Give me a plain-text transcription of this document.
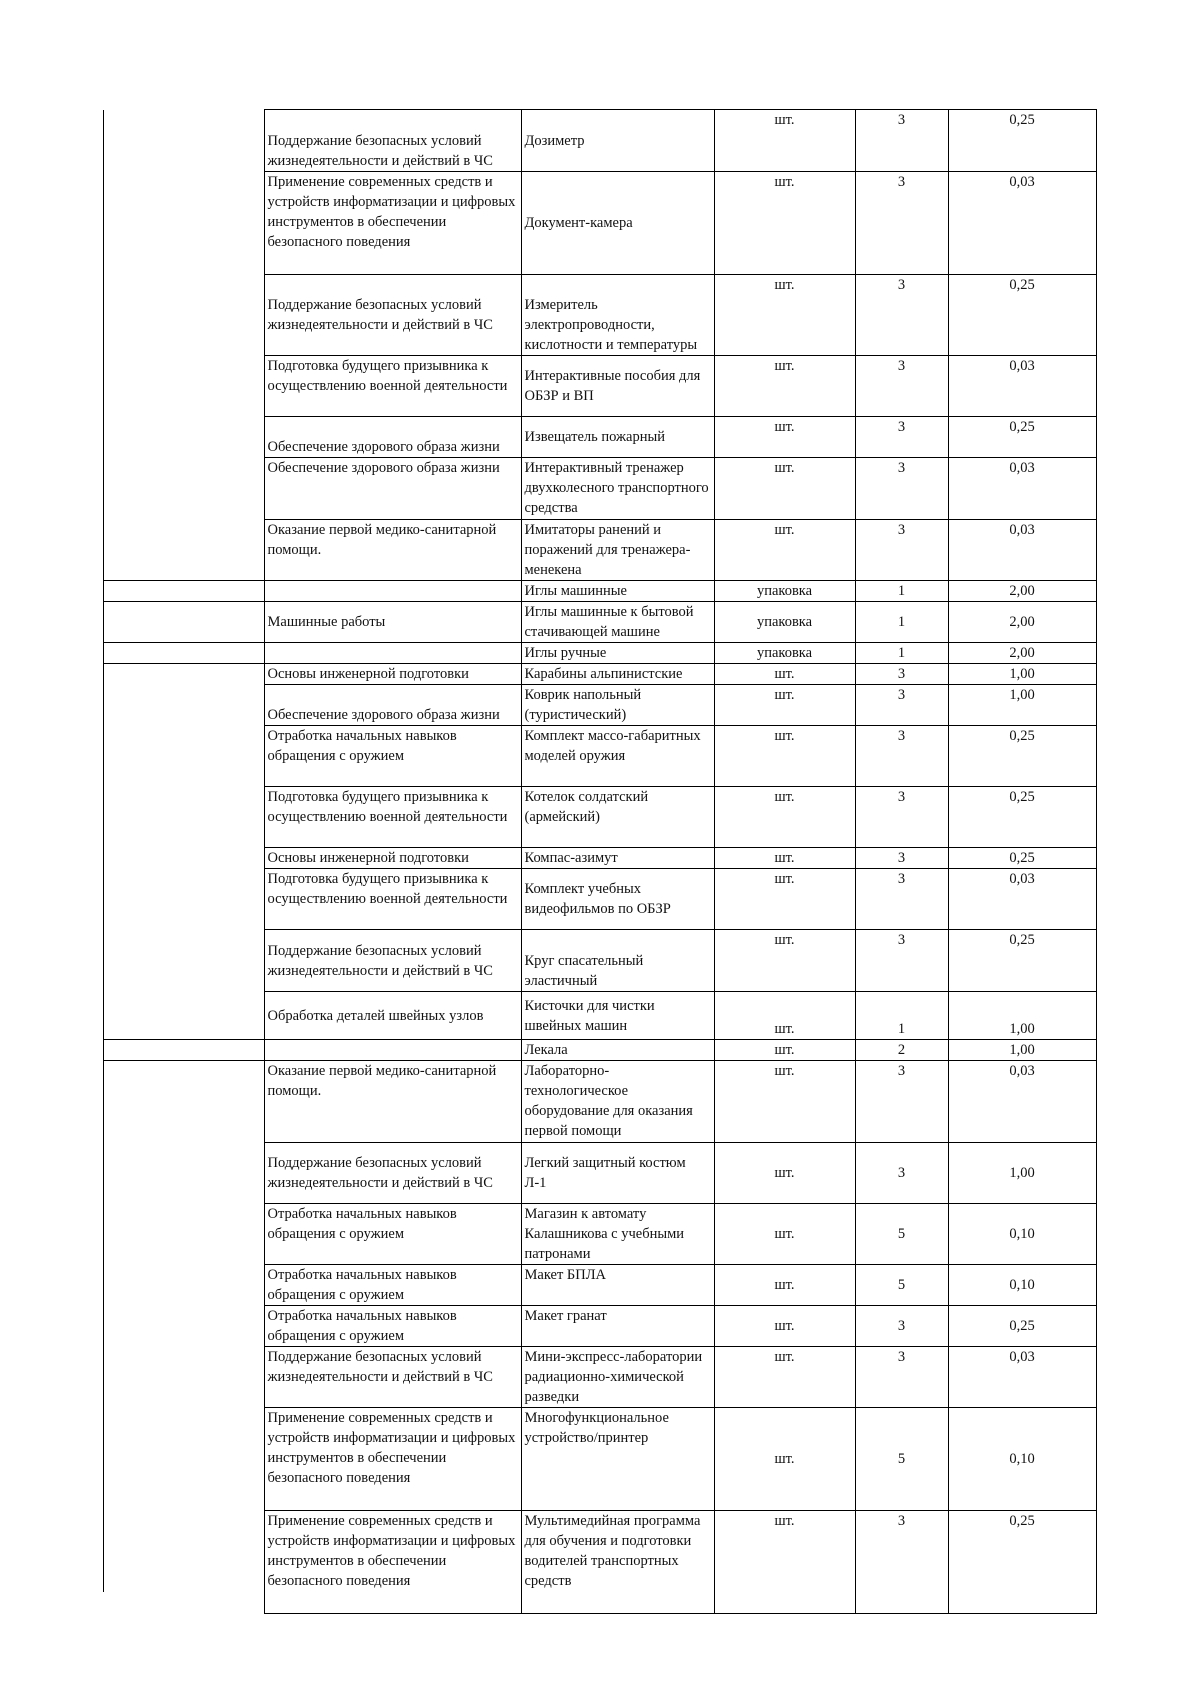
	Поддержание безопасных условий жизнедеятельности и действий в ЧС	Дозиметр	шт.	3	0,25
	Применение современных средств и устройств информатизации и цифровых инструментов в обеспечении безопасного поведения	Документ-камера	шт.	3	0,03
	Поддержание безопасных условий жизнедеятельности и действий в ЧС	Измеритель электропроводности, кислотности и температуры	шт.	3	0,25
	Подготовка будущего призывника к осуществлению военной деятельности	Интерактивные пособия для ОБЗР и ВП	шт.	3	0,03
	Обеспечение здорового образа жизни	Извещатель пожарный	шт.	3	0,25
	Обеспечение здорового образа жизни	Интерактивный тренажер двухколесного транспортного средства	шт.	3	0,03
	Оказание первой медико-санитарной помощи.	Имитаторы ранений и поражений для тренажера-менекена	шт.	3	0,03
		Иглы машинные	упаковка	1	2,00
	Машинные работы	Иглы машинные к бытовой стачивающей машине	упаковка	1	2,00
		Иглы ручные	упаковка	1	2,00
	Основы инженерной подготовки	Карабины альпинистские	шт.	3	1,00
	Обеспечение здорового образа жизни	Коврик напольный (туристический)	шт.	3	1,00
	Отработка начальных навыков обращения с оружием	Комплект массо-габаритных моделей оружия	шт.	3	0,25
	Подготовка будущего призывника к осуществлению военной деятельности	Котелок солдатский (армейский)	шт.	3	0,25
	Основы инженерной подготовки	Компас-азимут	шт.	3	0,25
	Подготовка будущего призывника к осуществлению военной деятельности	Комплект учебных видеофильмов по ОБЗР	шт.	3	0,03
	Поддержание безопасных условий жизнедеятельности и действий в ЧС	Круг спасательный эластичный	шт.	3	0,25
	Обработка деталей швейных узлов	Кисточки для чистки швейных машин	шт.	1	1,00
		Лекала	шт.	2	1,00
	Оказание первой медико-санитарной помощи.	Лабораторно-технологическое оборудование для оказания первой помощи	шт.	3	0,03
	Поддержание безопасных условий жизнедеятельности и действий в ЧС	Легкий защитный костюм Л-1	шт.	3	1,00
	Отработка начальных навыков обращения с оружием	Магазин к автомату Калашникова с учебными патронами	шт.	5	0,10
	Отработка начальных навыков обращения с оружием	Макет БПЛА	шт.	5	0,10
	Отработка начальных навыков обращения с оружием	Макет гранат	шт.	3	0,25
	Поддержание безопасных условий жизнедеятельности и действий в ЧС	Мини-экспресс-лаборатории радиационно-химической разведки	шт.	3	0,03
	Применение современных средств и устройств информатизации и цифровых инструментов в обеспечении безопасного поведения	Многофункциональное устройство/принтер	шт.	5	0,10
	Применение современных средств и устройств информатизации и цифровых инструментов в обеспечении безопасного поведения	Мультимедийная программа для обучения и подготовки водителей транспортных средств	шт.	3	0,25
